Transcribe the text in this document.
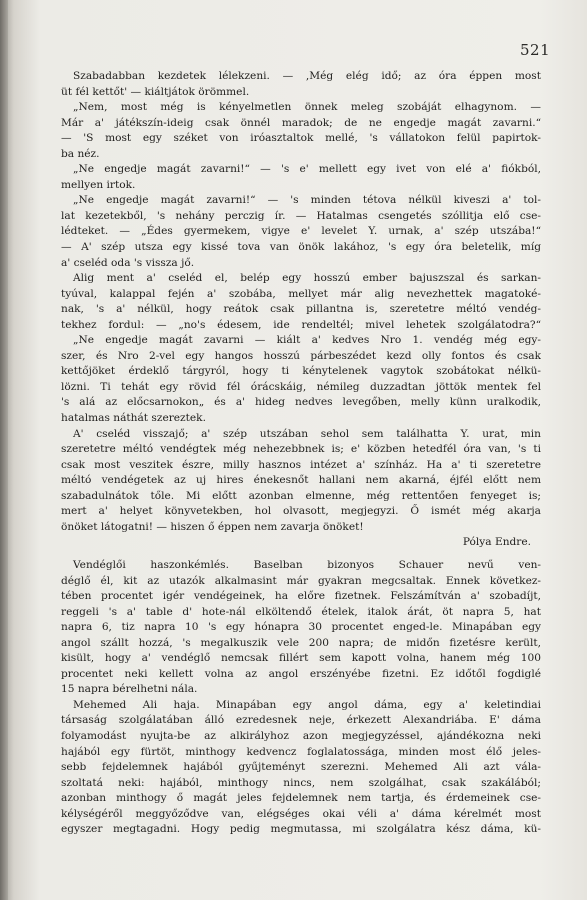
521
Szabadabban kezdetek lélekzeni. — ,Még elég idő; az óra éppen most
üt fél kettőt' — kiáltjátok örömmel.
„Nem, most még is kényelmetlen önnek meleg szobáját elhagynom. —
Már a' játékszín-ideig csak önnél maradok; de ne engedje magát zavarni.“
— 'S most egy széket von iróasztaltok mellé, 's vállatokon felül papirtok-
ba néz.
„Ne engedje magát zavarni!“ — 's e' mellett egy ivet von elé a' fiókból,
mellyen irtok.
„Ne engedje magát zavarni!“ — 's minden tétova nélkül kiveszi a' tol-
lat kezetekből, 's nehány perczig ír. — Hatalmas csengetés szóllitja elő cse-
lédteket. — „Édes gyermekem, vigye e' levelet Y. urnak, a' szép utszába!“
— A' szép utsza egy kissé tova van önök lakához, 's egy óra beletelik, míg
a' cseléd oda 's vissza jő.
Alig ment a' cseléd el, belép egy hosszú ember bajuszszal és sarkan-
tyúval, kalappal fején a' szobába, mellyet már alig nevezhettek magatoké-
nak, 's a' nélkül, hogy reátok csak pillantna is, szeretetre méltó vendég-
tekhez fordul: — „no's édesem, ide rendeltél; mivel lehetek szolgálatodra?“
„Ne engedje magát zavarni — kiált a' kedves Nro 1. vendég még egy-
szer, és Nro 2-vel egy hangos hosszú párbeszédet kezd olly fontos és csak
kettőjöket érdeklő tárgyról, hogy ti kénytelenek vagytok szobátokat nélkü-
lözni. Ti tehát egy rövid fél órácskáig, némileg duzzadtan jöttök mentek fel
's alá az előcsarnokon„ és a' hideg nedves levegőben, melly künn uralkodik,
hatalmas náthát szereztek.
A' cseléd visszajő; a' szép utszában sehol sem találhatta Y. urat, min
szeretetre méltó vendégtek még nehezebbnek is; e' közben hetedfél óra van, 's ti
csak most veszitek észre, milly hasznos intézet a' színház. Ha a' ti szeretetre
méltó vendégetek az uj hires énekesnőt hallani nem akarná, éjfél előtt nem
szabadulnátok tőle. Mi előtt azonban elmenne, még rettentően fenyeget is;
mert a' helyet könyvetekben, hol olvasott, megjegyzi. Ő ismét még akarja
önöket látogatni! — hiszen ő éppen nem zavarja önöket!
Pólya Endre.
Vendéglői haszonkémlés. Baselban bizonyos Schauer nevű ven-
déglő él, kit az utazók alkalmasint már gyakran megcsaltak. Ennek következ-
tében procentet igér vendégeinek, ha előre fizetnek. Felszámítván a' szobadíjt,
reggeli 's a' table d' hote-nál elköltendő ételek, italok árát, öt napra 5, hat
napra 6, tiz napra 10 's egy hónapra 30 procentet enged-le. Minapában egy
angol szállt hozzá, 's megalkuszik vele 200 napra; de midőn fizetésre került,
kisült, hogy a' vendéglő nemcsak fillért sem kapott volna, hanem még 100
procentet neki kellett volna az angol erszényébe fizetni. Ez időtől fogdiglé
15 napra bérelhetni nála.
Mehemed Ali haja. Minapában egy angol dáma, egy a' keletindiai
társaság szolgálatában álló ezredesnek neje, érkezett Alexandriába. E' dáma
folyamodást nyujta-be az alkirályhoz azon megjegyzéssel, ajándékozna neki
hajából egy fürtöt, minthogy kedvencz foglalatossága, minden most élő jeles-
sebb fejdelemnek hajából gyűjteményt szerezni. Mehemed Ali azt vála-
szoltatá neki: hajából, minthogy nincs, nem szolgálhat, csak szakálából;
azonban minthogy ő magát jeles fejdelemnek nem tartja, és érdemeinek cse-
kélységéről meggyőződve van, elégséges okai véli a' dáma kérelmét most
egyszer megtagadni. Hogy pedig megmutassa, mi szolgálatra kész dáma, kü-
